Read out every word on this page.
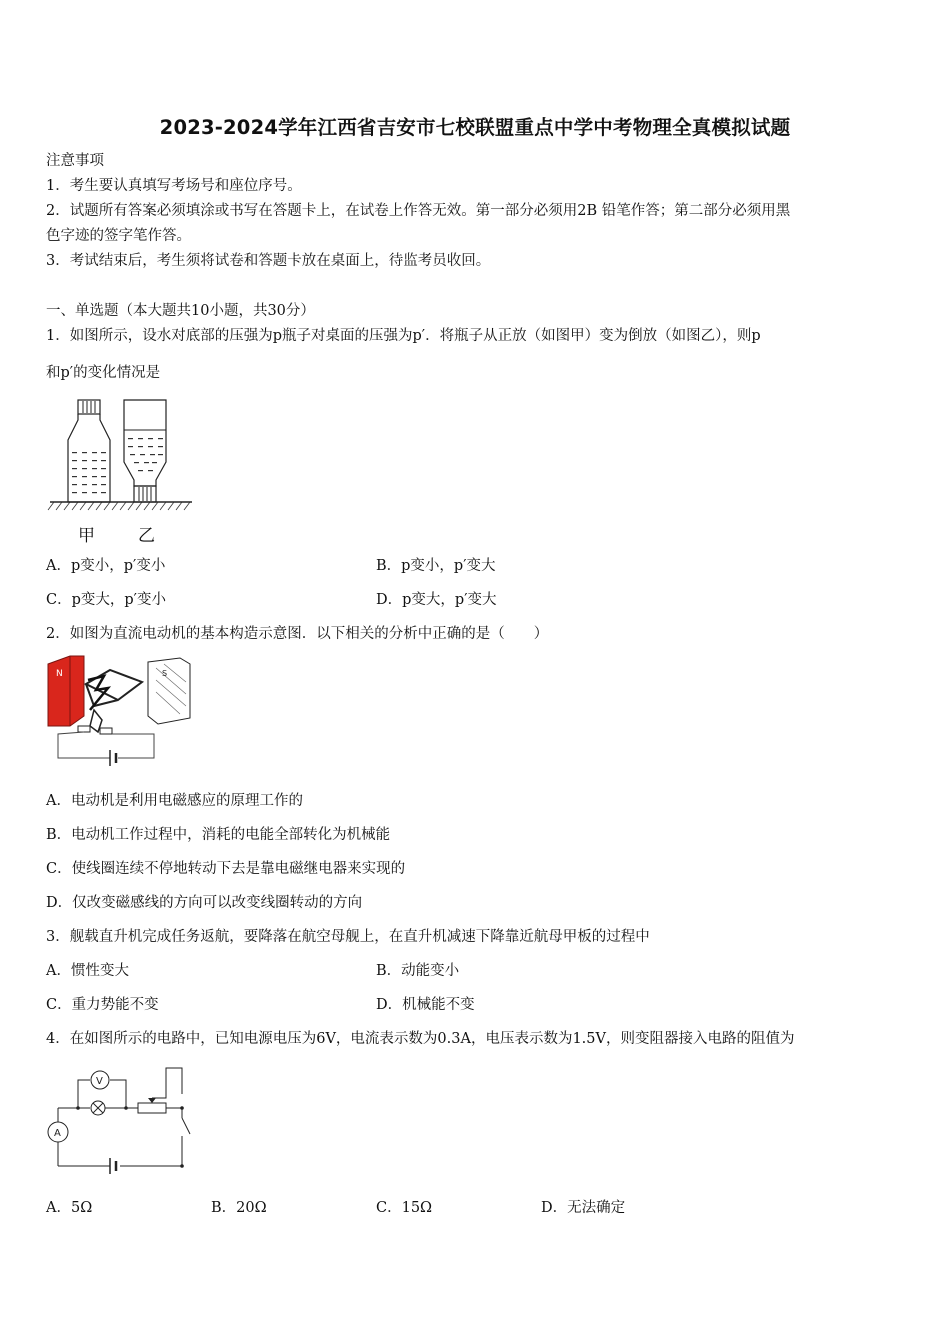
2023-2024学年江西省吉安市七校联盟重点中学中考物理全真模拟试题
注意事项
1．考生要认真填写考场号和座位序号。
2．试题所有答案必须填涂或书写在答题卡上，在试卷上作答无效。第一部分必须用2B 铅笔作答；第二部分必须用黑
色字迹的签字笔作答。
3．考试结束后，考生须将试卷和答题卡放在桌面上，待监考员收回。
一、单选题（本大题共10小题，共30分）
1．如图所示，设水对底部的压强为p瓶子对桌面的压强为p′．将瓶子从正放（如图甲）变为倒放（如图乙），则p
和p′的变化情况是
甲	乙
A．p变小，p′变小	B．p变小，p′变大
C．p变大，p′变小	D．p变大，p′变大
2．如图为直流电动机的基本构造示意图．以下相关的分析中正确的是（　　）
N	S
A．电动机是利用电磁感应的原理工作的
B．电动机工作过程中，消耗的电能全部转化为机械能
C．使线圈连续不停地转动下去是靠电磁继电器来实现的
D．仅改变磁感线的方向可以改变线圈转动的方向
3．舰载直升机完成任务返航，要降落在航空母舰上，在直升机减速下降靠近航母甲板的过程中
A．惯性变大	B．动能变小
C．重力势能不变	D．机械能不变
4．在如图所示的电路中，已知电源电压为6V，电流表示数为0.3A，电压表示数为1.5V，则变阻器接入电路的阻值为
V
A
A．5Ω	B．20Ω	C．15Ω	D．无法确定
